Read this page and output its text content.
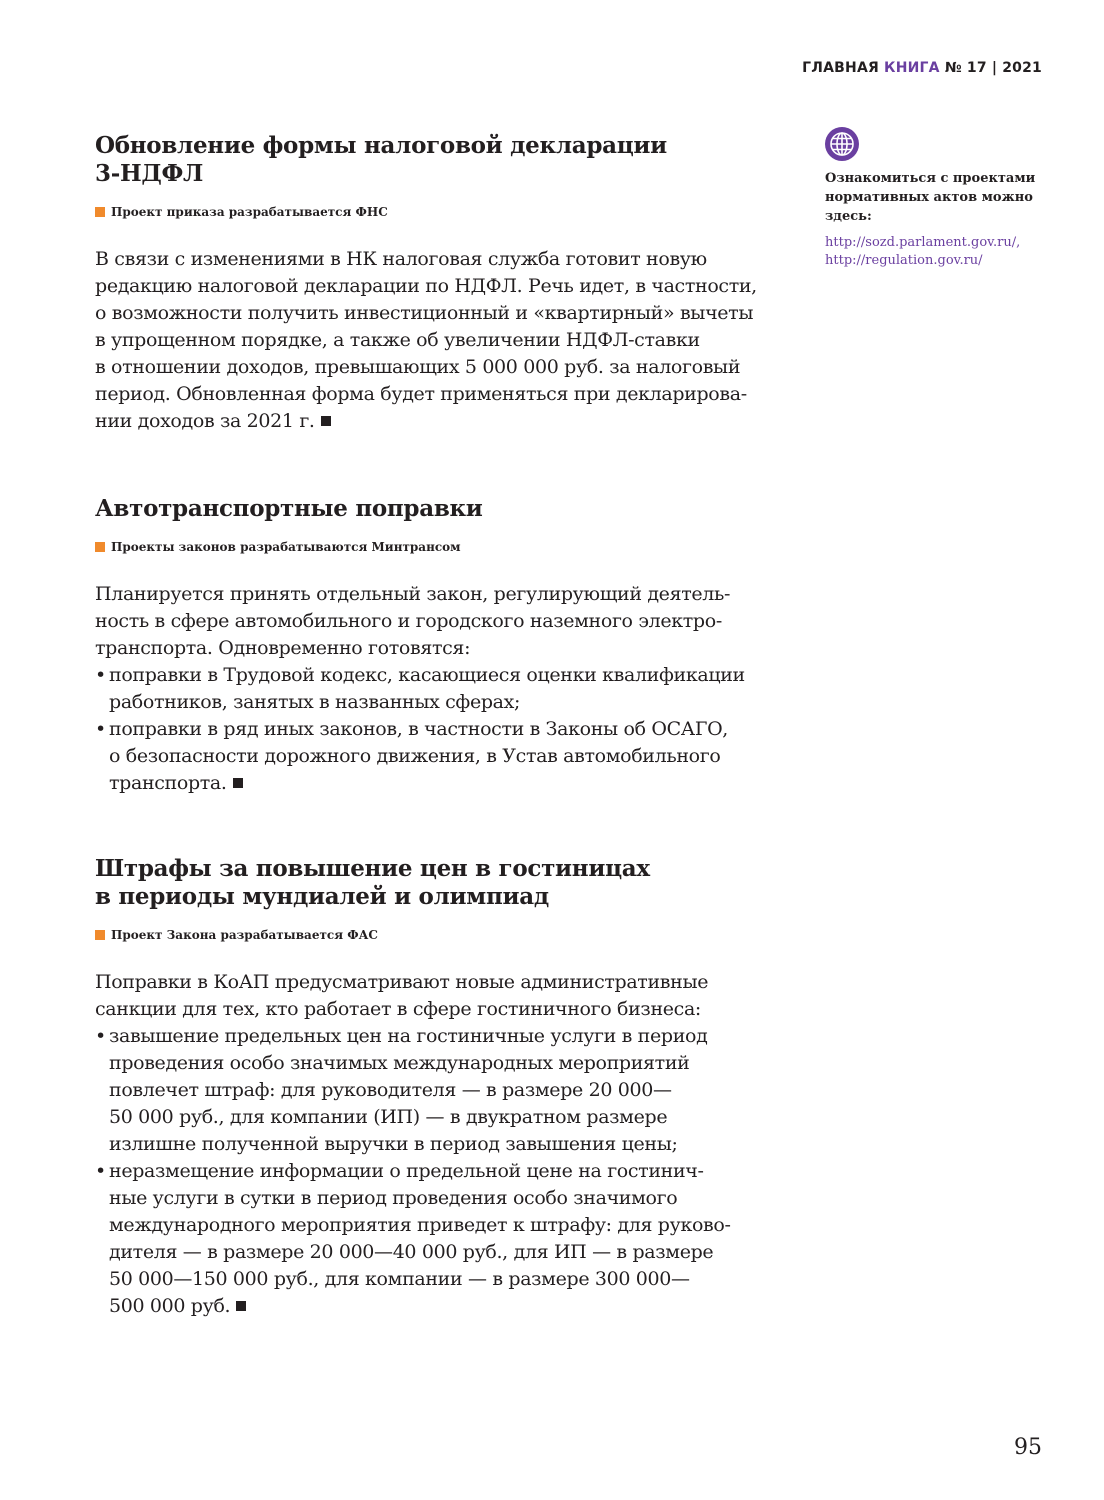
ГЛАВНАЯ КНИГА № 17 | 2021
Обновление формы налоговой декларации
3-НДФЛ
Проект приказа разрабатывается ФНС

В связи с изменениями в НК налоговая служба готовит новую
редакцию налоговой декларации по НДФЛ. Речь идет, в частности,
о возможности получить инвестиционный и «квартирный» вычеты
в упрощенном порядке, а также об увеличении НДФЛ-ставки
в отношении доходов, превышающих 5 000 000 руб. за налоговый
период. Обновленная форма будет применяться при декларирова-
нии доходов за 2021 г.

Автотранспортные поправки
Проекты законов разрабатываются Минтрансом

Планируется принять отдельный закон, регулирующий деятель-
ность в сфере автомобильного и городского наземного электро-
транспорта. Одновременно готовятся:

• поправки в Трудовой кодекс, касающиеся оценки квалификации
работников, занятых в названных сферах;
• поправки в ряд иных законов, в частности в Законы об ОСАГО,
о безопасности дорожного движения, в Устав автомобильного
транспорта.
Штрафы за повышение цен в гостиницах
в периоды мундиалей и олимпиад
Проект Закона разрабатывается ФАС

Поправки в КоАП предусматривают новые административные
санкции для тех, кто работает в сфере гостиничного бизнеса:

• завышение предельных цен на гостиничные услуги в период
проведения особо значимых международных мероприятий
повлечет штраф: для руководителя — в размере 20 000—
50 000 руб., для компании (ИП) — в двукратном размере
излишне полученной выручки в период завышения цены;
• неразмещение информации о предельной цене на гостинич-
ные услуги в сутки в период проведения особо значимого
международного мероприятия приведет к штрафу: для руково-
дителя — в размере 20 000—40 000 руб., для ИП — в размере
50 000—150 000 руб., для компании — в размере 300 000—
500 000 руб.
Ознакомиться с проектами
нормативных актов можно
здесь:
http://sozd.parlament.gov.ru/,
http://regulation.gov.ru/
95
